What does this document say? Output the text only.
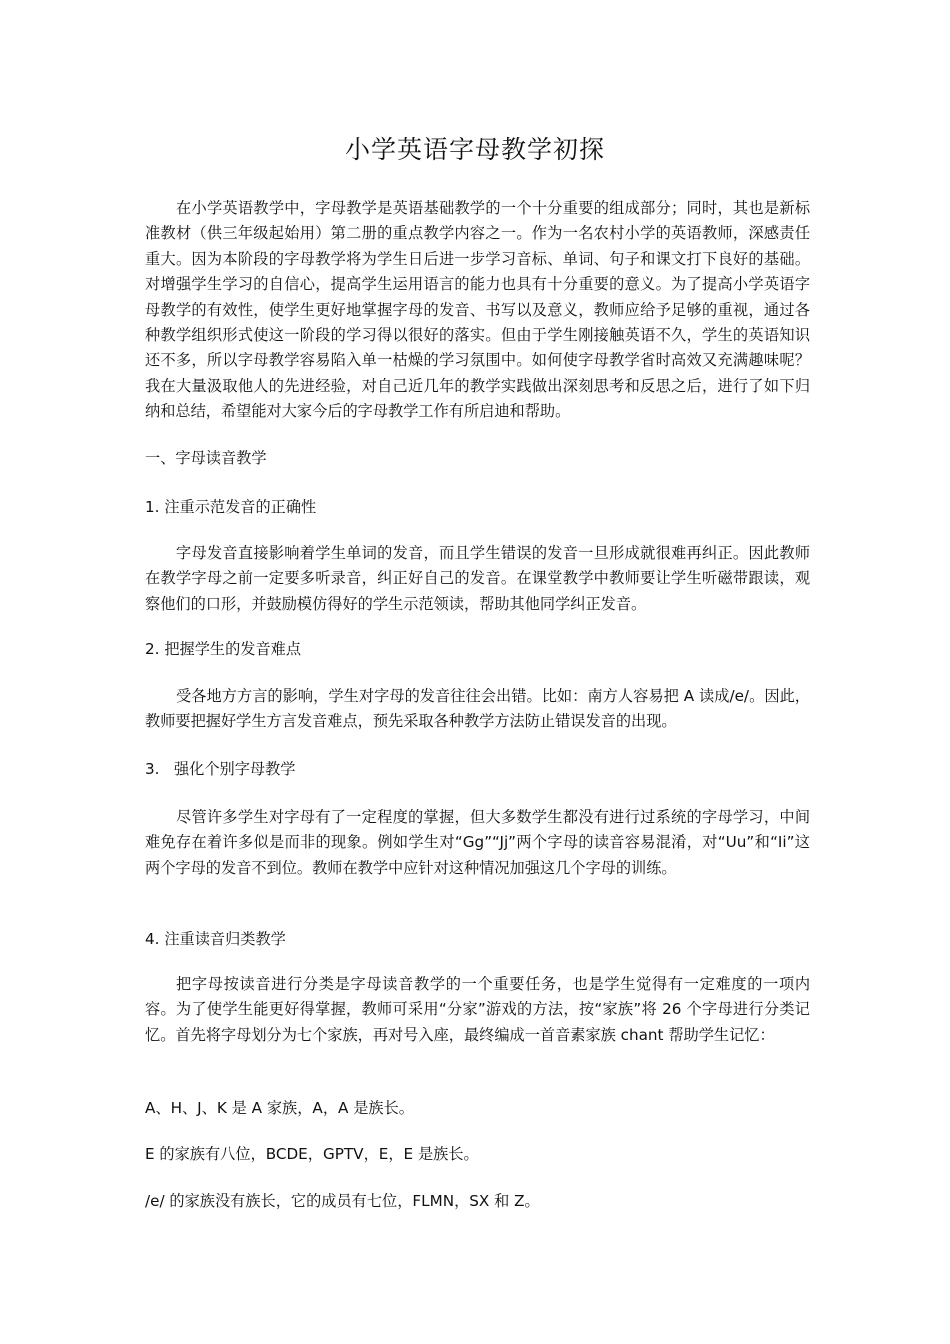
小学英语字母教学初探

在小学英语教学中，字母教学是英语基础教学的一个十分重要的组成部分；同时，其也是新标准教材（供三年级起始用）第二册的重点教学内容之一。作为一名农村小学的英语教师，深感责任重大。因为本阶段的字母教学将为学生日后进一步学习音标、单词、句子和课文打下良好的基础。对增强学生学习的自信心，提高学生运用语言的能力也具有十分重要的意义。为了提高小学英语字母教学的有效性，使学生更好地掌握字母的发音、书写以及意义，教师应给予足够的重视，通过各种教学组织形式使这一阶段的学习得以很好的落实。但由于学生刚接触英语不久，学生的英语知识还不多，所以字母教学容易陷入单一枯燥的学习氛围中。如何使字母教学省时高效又充满趣味呢？我在大量汲取他人的先进经验，对自己近几年的教学实践做出深刻思考和反思之后，进行了如下归纳和总结，希望能对大家今后的字母教学工作有所启迪和帮助。

一、字母读音教学

1. 注重示范发音的正确性

字母发音直接影响着学生单词的发音，而且学生错误的发音一旦形成就很难再纠正。因此教师在教学字母之前一定要多听录音，纠正好自己的发音。在课堂教学中教师要让学生听磁带跟读，观察他们的口形，并鼓励模仿得好的学生示范领读，帮助其他同学纠正发音。

2. 把握学生的发音难点

受各地方方言的影响，学生对字母的发音往往会出错。比如：南方人容易把 A 读成/e/。因此，教师要把握好学生方言发音难点，预先采取各种教学方法防止错误发音的出现。

3.   强化个别字母教学

尽管许多学生对字母有了一定程度的掌握，但大多数学生都没有进行过系统的字母学习，中间难免存在着许多似是而非的现象。例如学生对“Gg”“Jj”两个字母的读音容易混淆，对“Uu”和“Ii”这两个字母的发音不到位。教师在教学中应针对这种情况加强这几个字母的训练。

4. 注重读音归类教学

把字母按读音进行分类是字母读音教学的一个重要任务，也是学生觉得有一定难度的一项内容。为了使学生能更好得掌握，教师可采用“分家”游戏的方法，按“家族”将 26 个字母进行分类记忆。首先将字母划分为七个家族，再对号入座，最终编成一首音素家族 chant 帮助学生记忆：

A、H、J、K 是 A 家族，A，A 是族长。

E 的家族有八位，BCDE，GPTV，E，E 是族长。

/e/ 的家族没有族长，它的成员有七位，FLMN，SX 和 Z。
